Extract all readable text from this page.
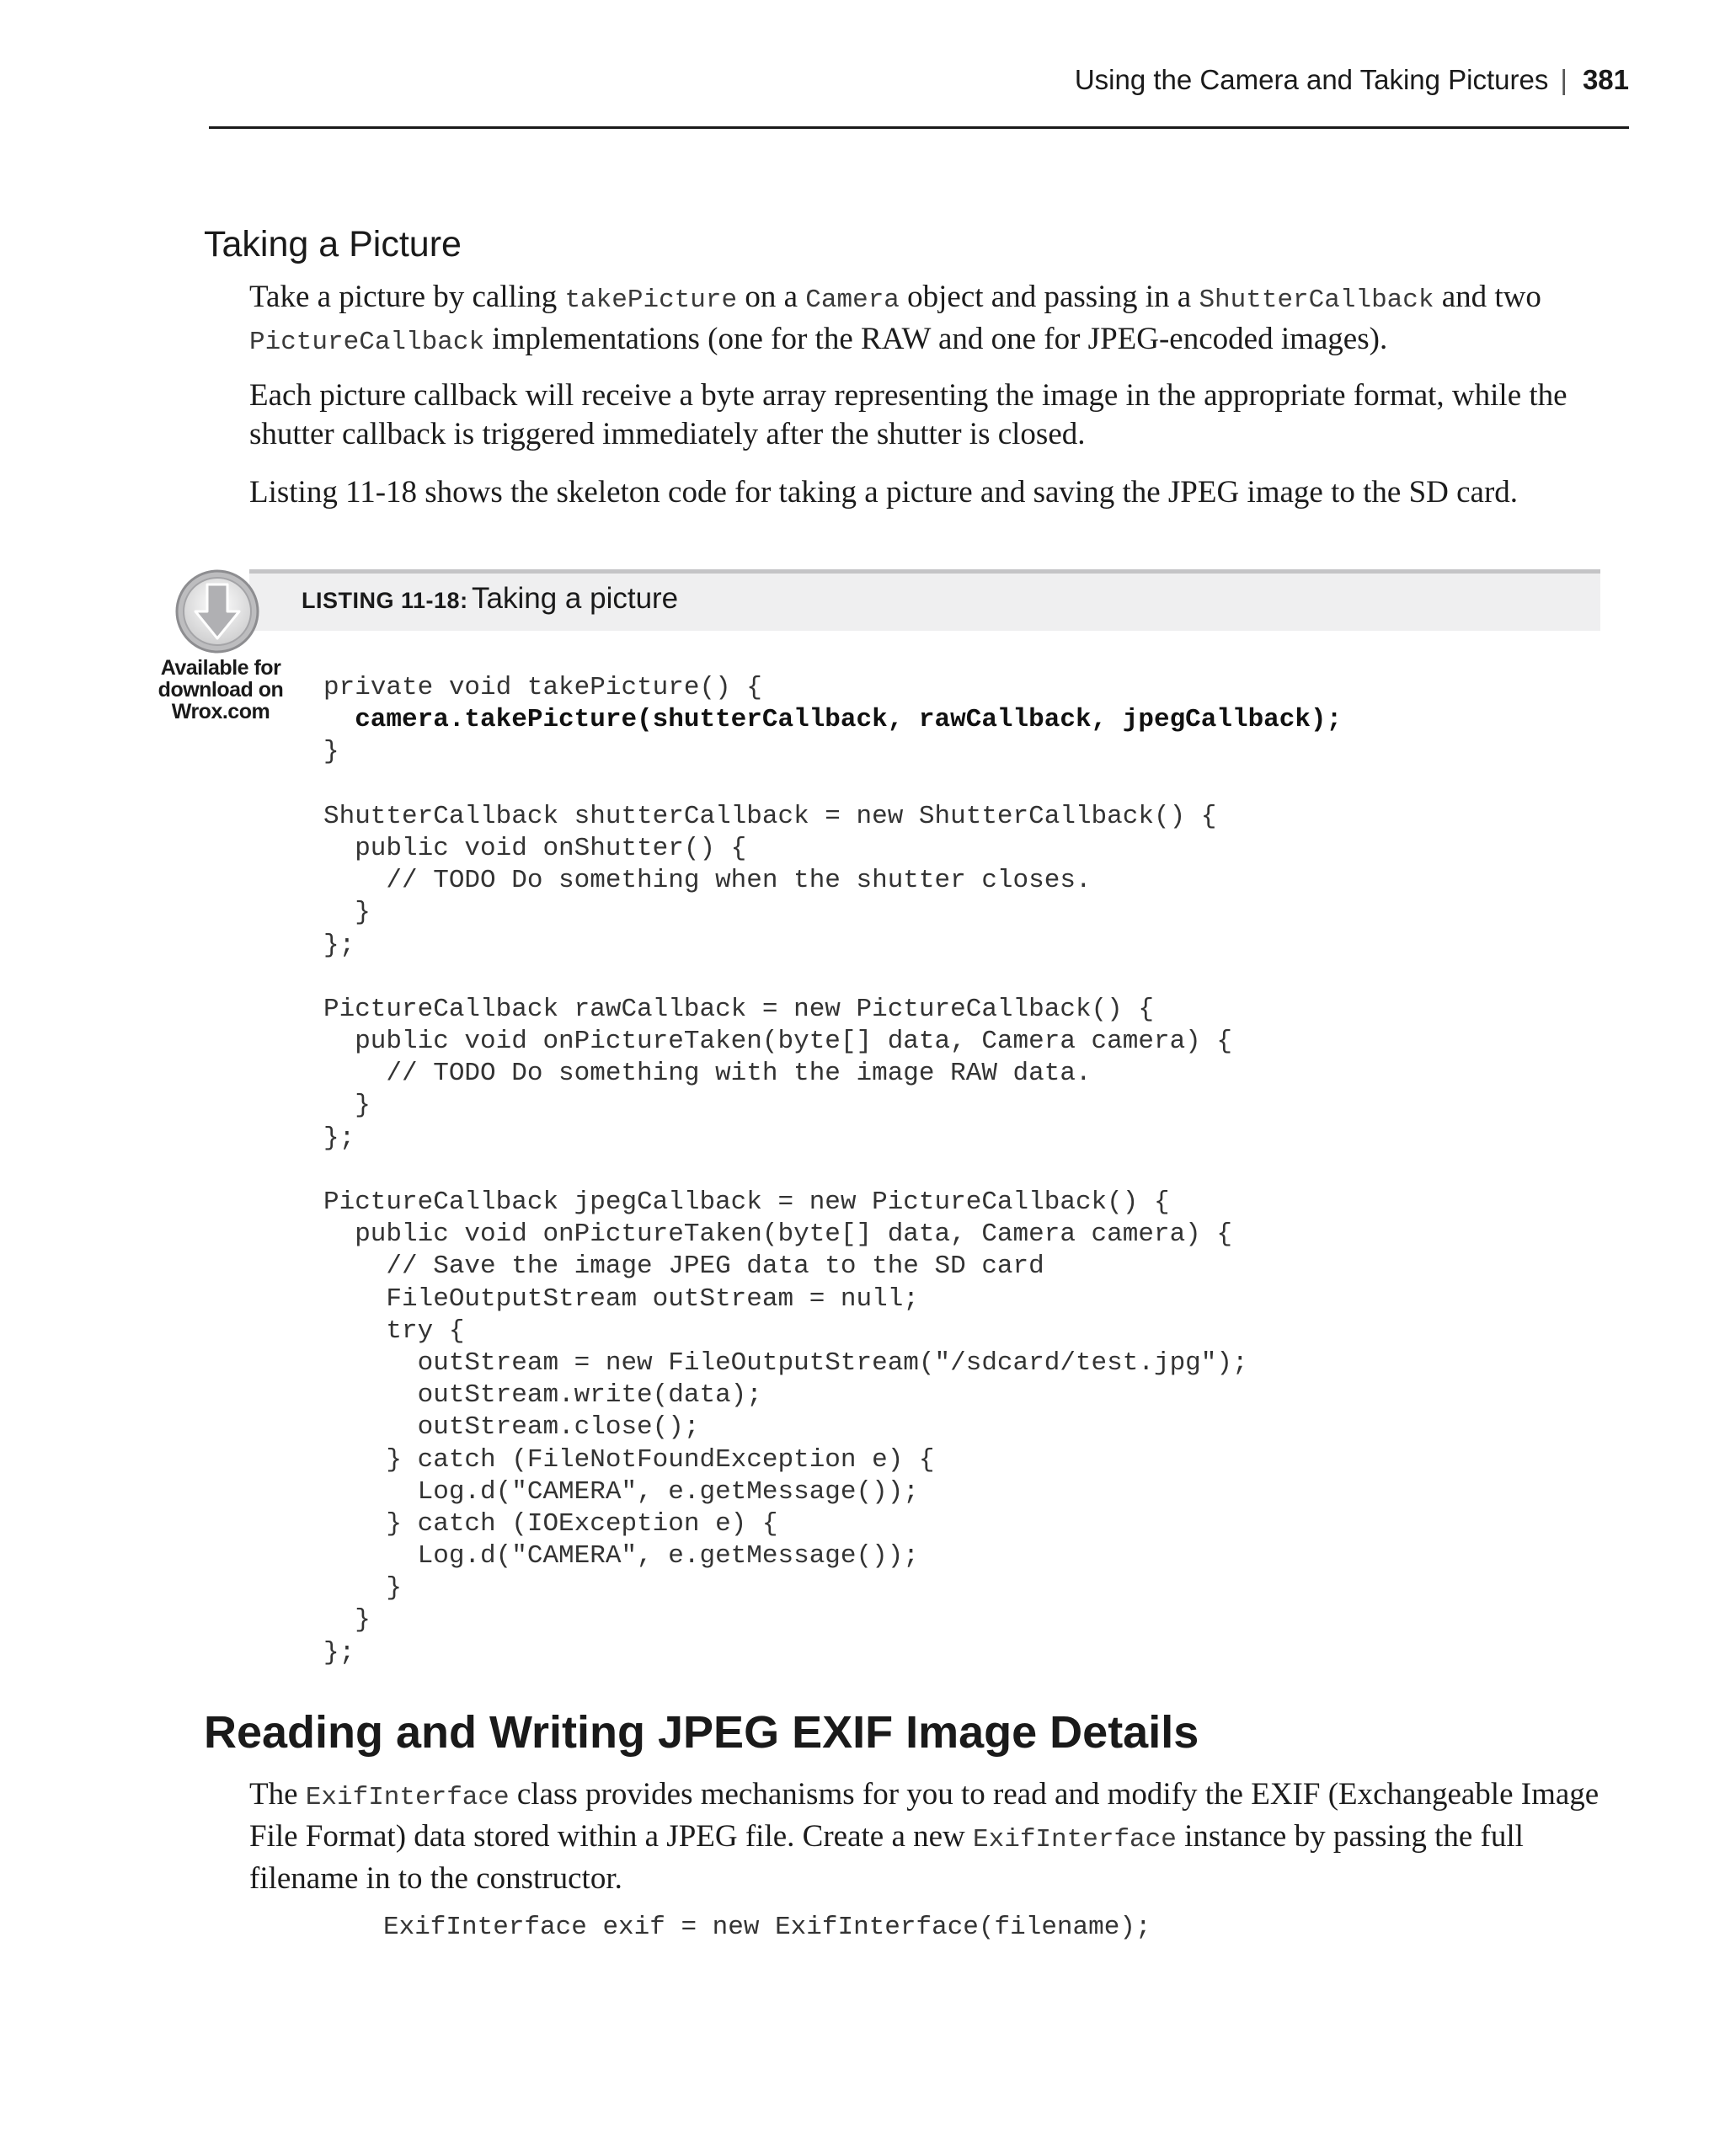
Using the Camera and Taking Pictures | 381
Taking a Picture

Take a picture by calling takePicture on a Camera object and passing in a ShutterCallback and two PictureCallback implementations (one for the RAW and one for JPEG-encoded images).

Each picture callback will receive a byte array representing the image in the appropriate format, while the shutter callback is triggered immediately after the shutter is closed.

Listing 11-18 shows the skeleton code for taking a picture and saving the JPEG image to the SD card.

LISTING 11-18: Taking a picture
Available for
download on
Wrox.com
private void takePicture() {
camera.takePicture(shutterCallback, rawCallback, jpegCallback);
}
ShutterCallback shutterCallback = new ShutterCallback() {
public void onShutter() {
// TODO Do something when the shutter closes.
}
};
PictureCallback rawCallback = new PictureCallback() {
public void onPictureTaken(byte[] data, Camera camera) {
// TODO Do something with the image RAW data.
}
};
PictureCallback jpegCallback = new PictureCallback() {
public void onPictureTaken(byte[] data, Camera camera) {
// Save the image JPEG data to the SD card
FileOutputStream outStream = null;
try {
outStream = new FileOutputStream("/sdcard/test.jpg");
outStream.write(data);
outStream.close();
} catch (FileNotFoundException e) {
Log.d("CAMERA", e.getMessage());
} catch (IOException e) {
Log.d("CAMERA", e.getMessage());
}
}
};
Reading and Writing JPEG EXIF Image Details

The ExifInterface class provides mechanisms for you to read and modify the EXIF (Exchangeable Image File Format) data stored within a JPEG file. Create a new ExifInterface instance by passing the full filename in to the constructor.

ExifInterface exif = new ExifInterface(filename);
